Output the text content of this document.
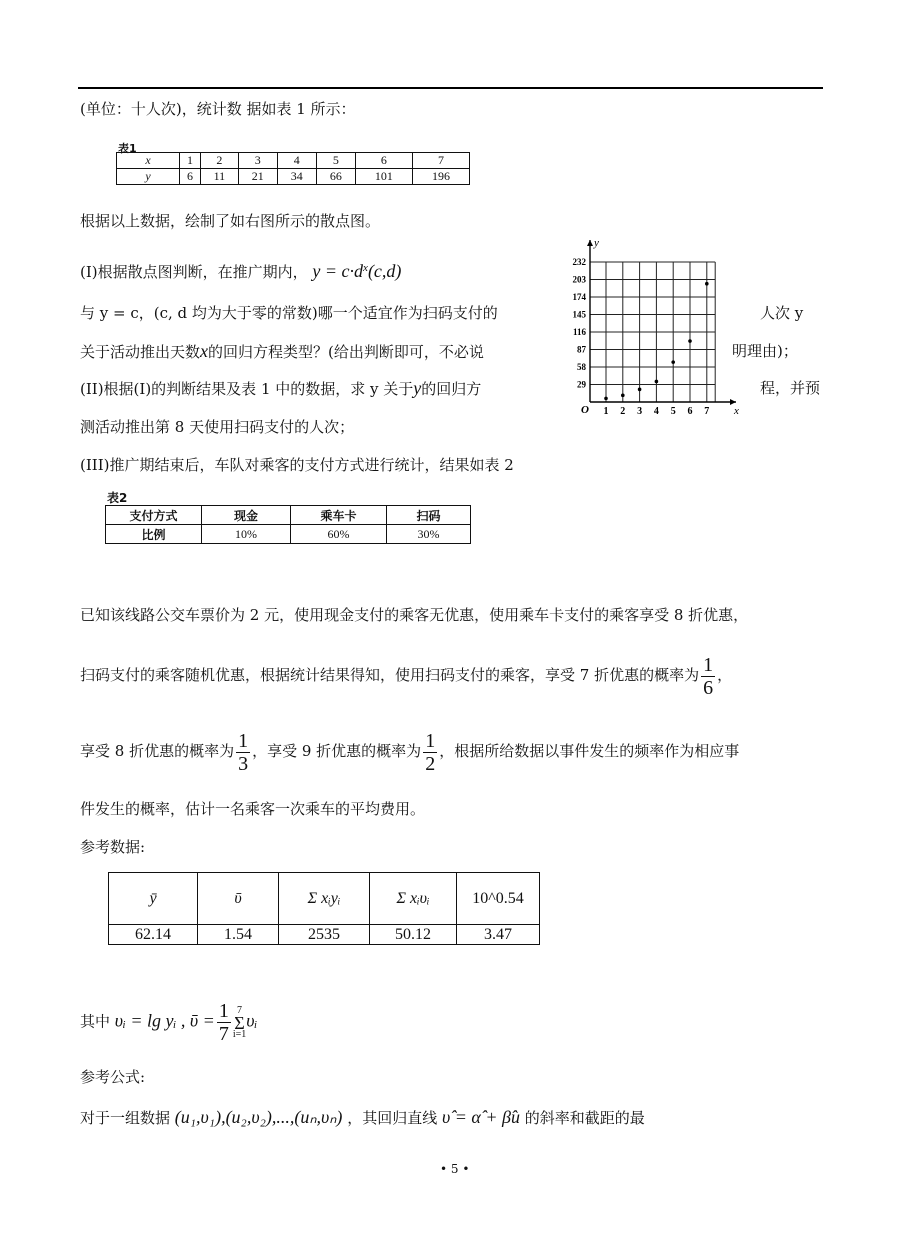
(单位：十人次)，统计数 据如表 1 所示：
表1
x	1	2	3	4	5	6	7
y	6	11	21	34	66	101	196
根据以上数据，绘制了如右图所示的散点图。
(I)根据散点图判断，在推广期内， $y = c\cdot d^x(c,d)$
与 y = c，(c, d 均为大于零的常数)哪一个适宜作为扫码支付的	人次 y
关于活动推出天数x的回归方程类型？(给出判断即可，不必说	明理由)；
(II)根据(I)的判断结果及表 1 中的数据，求 y 关于y的回归方	程，并预
测活动推出第 8 天使用扫码支付的人次；
(III)推广期结束后，车队对乘客的支付方式进行统计，结果如表 2
29
58
87
116
145
174
203
232
1 2 3 4 5 6 7
O	x
y
表2
支付方式	现金	乘车卡	扫码
比例	10%	60%	30%
已知该线路公交车票价为 2 元，使用现金支付的乘客无优惠，使用乘车卡支付的乘客享受 8 折优惠，
扫码支付的乘客随机优惠，根据统计结果得知，使用扫码支付的乘客，享受 7 折优惠的概率为 $\frac{1}{6}$ ，
享受 8 折优惠的概率为 $\frac{1}{3}$ ，享受 9 折优惠的概率为 $\frac{1}{2}$ ，根据所给数据以事件发生的频率作为相应事
件发生的概率，估计一名乘客一次乘车的平均费用。
参考数据:
ȳ	ῡ	Σ xᵢyᵢ	Σ xᵢυᵢ	10^0.54
62.14	1.54	2535	50.12	3.47
其中 υᵢ = lg yᵢ , ῡ = $\frac{1}{7} 7$
Σ
i=1
υᵢ
参考公式:
对于一组数据 (u₁,υ₁),(u₂,υ₂),...,(uₙ,υₙ) ，其回归直线 υ̂ = α̂ + β̂u 的斜率和截距的最
• 5 •
